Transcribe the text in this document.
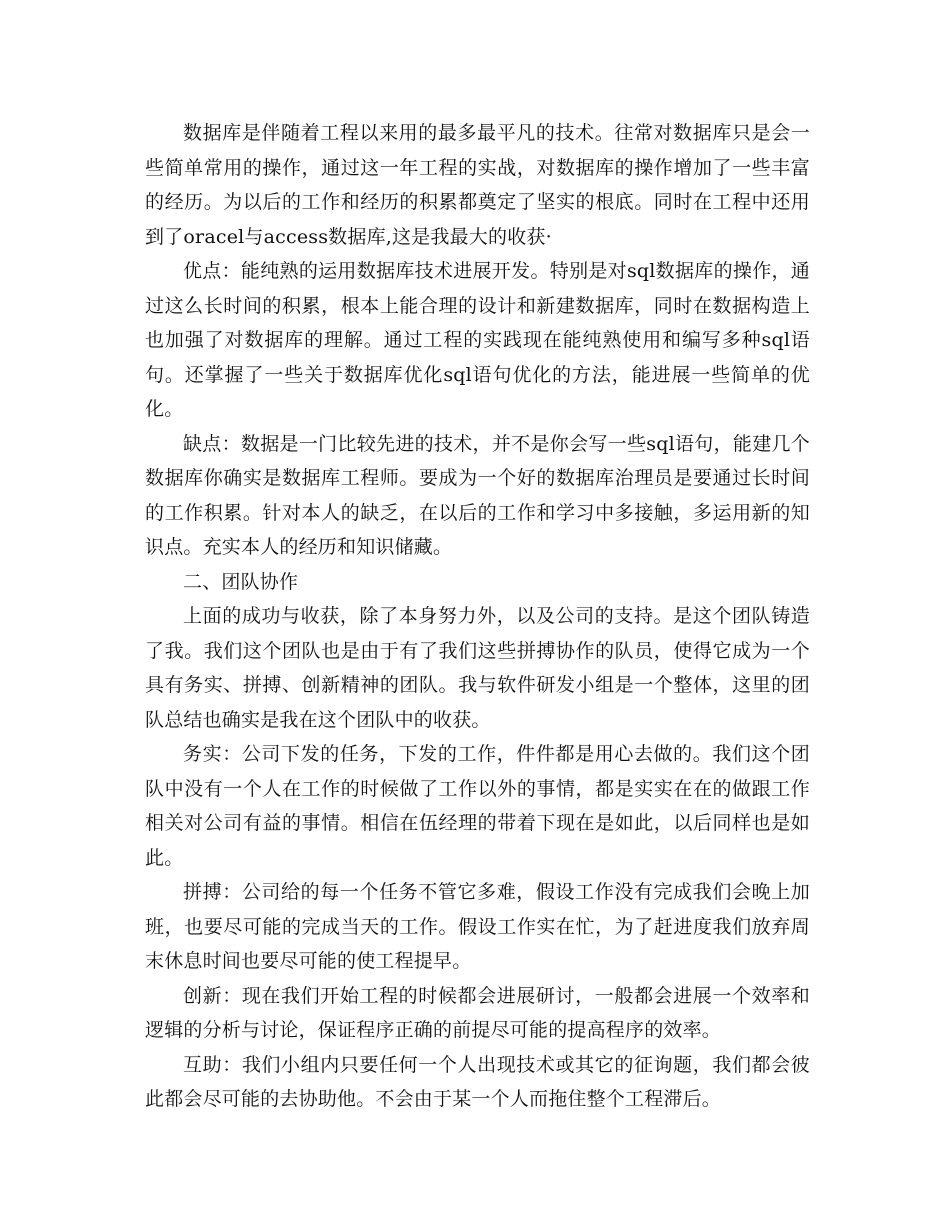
数据库是伴随着工程以来用的最多最平凡的技术。往常对数据库只是会一些简单常用的操作，通过这一年工程的实战，对数据库的操作增加了一些丰富的经历。为以后的工作和经历的积累都奠定了坚实的根底。同时在工程中还用到了oracel与access数据库,这是我最大的收获·

优点：能纯熟的运用数据库技术进展开发。特别是对sql数据库的操作，通过这么长时间的积累，根本上能合理的设计和新建数据库，同时在数据构造上也加强了对数据库的理解。通过工程的实践现在能纯熟使用和编写多种sql语句。还掌握了一些关于数据库优化sql语句优化的方法，能进展一些简单的优化。

缺点：数据是一门比较先进的技术，并不是你会写一些sql语句，能建几个数据库你确实是数据库工程师。要成为一个好的数据库治理员是要通过长时间的工作积累。针对本人的缺乏，在以后的工作和学习中多接触，多运用新的知识点。充实本人的经历和知识储藏。

二、团队协作

上面的成功与收获，除了本身努力外，以及公司的支持。是这个团队铸造了我。我们这个团队也是由于有了我们这些拼搏协作的队员，使得它成为一个具有务实、拼搏、创新精神的团队。我与软件研发小组是一个整体，这里的团队总结也确实是我在这个团队中的收获。

务实：公司下发的任务，下发的工作，件件都是用心去做的。我们这个团队中没有一个人在工作的时候做了工作以外的事情，都是实实在在的做跟工作相关对公司有益的事情。相信在伍经理的带着下现在是如此，以后同样也是如此。

拼搏：公司给的每一个任务不管它多难，假设工作没有完成我们会晚上加班，也要尽可能的完成当天的工作。假设工作实在忙，为了赶进度我们放弃周末休息时间也要尽可能的使工程提早。

创新：现在我们开始工程的时候都会进展研讨，一般都会进展一个效率和逻辑的分析与讨论，保证程序正确的前提尽可能的提高程序的效率。

互助：我们小组内只要任何一个人出现技术或其它的征询题，我们都会彼此都会尽可能的去协助他。不会由于某一个人而拖住整个工程滞后。
